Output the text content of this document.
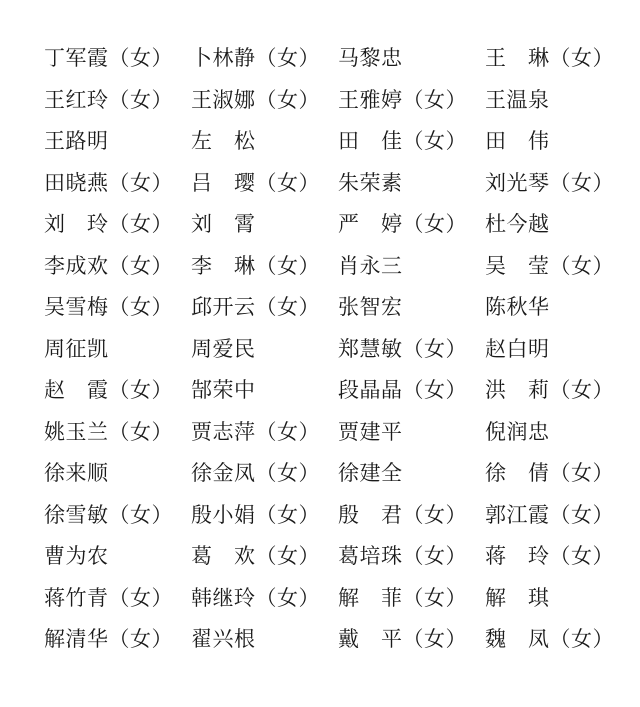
丁军霞（女） 卜林静（女） 马黎忠	王　琳（女）
王红玲（女） 王淑娜（女） 王雅婷（女） 王温泉
王路明	左　松	田　佳（女） 田　伟
田晓燕（女） 吕　璎（女） 朱荣素	刘光琴（女）
刘　玲（女） 刘　霄	严　婷（女） 杜今越
李成欢（女） 李　琳（女） 肖永三	吴　莹（女）
吴雪梅（女） 邱开云（女） 张智宏	陈秋华
周征凯	周爱民	郑慧敏（女） 赵白明
赵　霞（女） 郜荣中	段晶晶（女） 洪　莉（女）
姚玉兰（女） 贾志萍（女） 贾建平	倪润忠
徐来顺	徐金凤（女） 徐建全	徐　倩（女）
徐雪敏（女） 殷小娟（女） 殷　君（女） 郭江霞（女）
曹为农	葛　欢（女） 葛培珠（女） 蒋　玲（女）
蒋竹青（女） 韩继玲（女） 解　菲（女） 解　琪
解清华（女） 翟兴根	戴　平（女） 魏　凤（女）
